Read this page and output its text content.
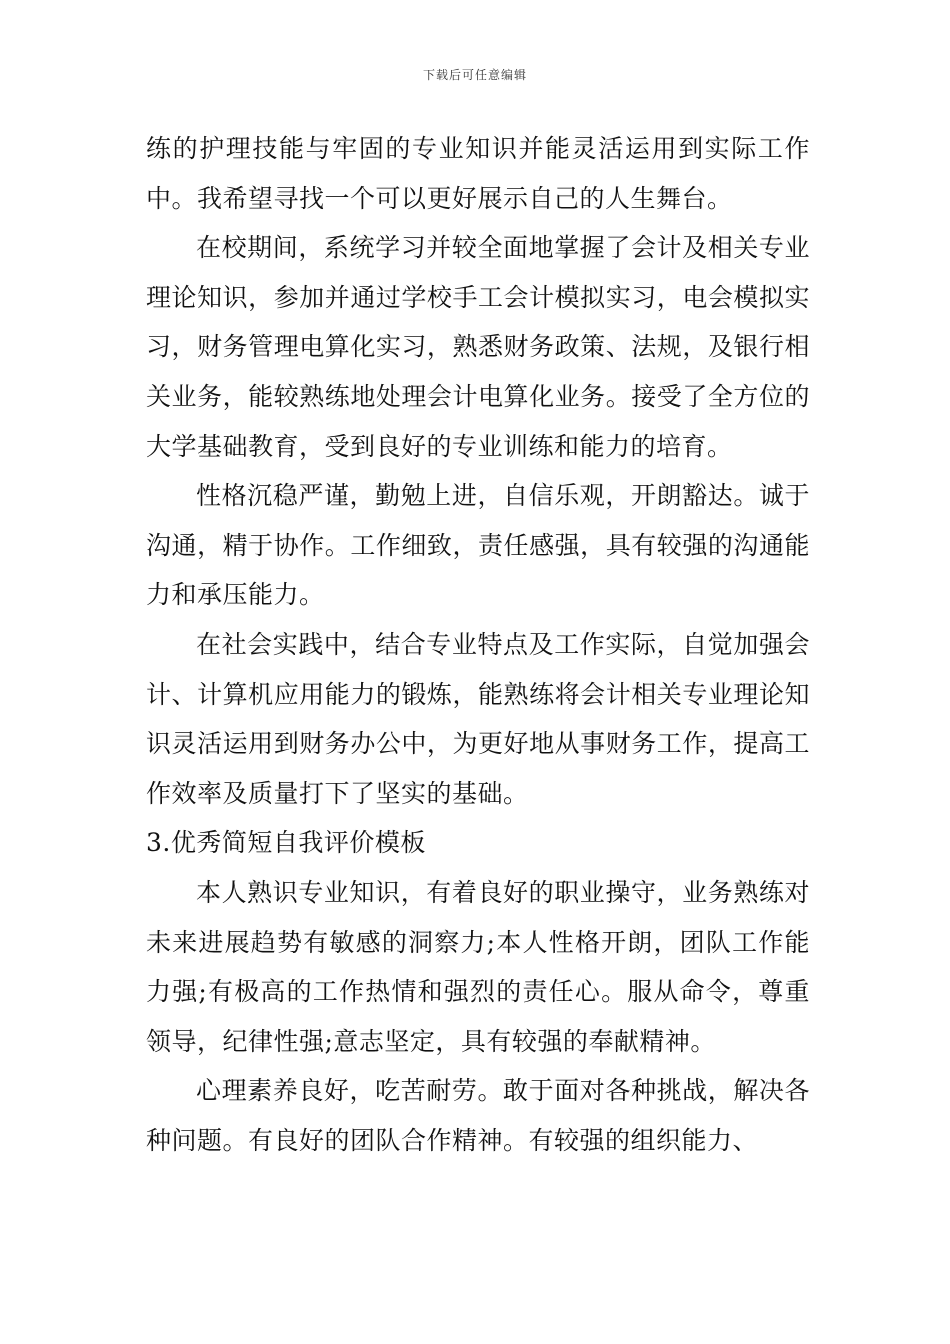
下载后可任意编辑

练的护理技能与牢固的专业知识并能灵活运用到实际工作中。我希望寻找一个可以更好展示自己的人生舞台。

在校期间，系统学习并较全面地掌握了会计及相关专业理论知识，参加并通过学校手工会计模拟实习，电会模拟实习，财务管理电算化实习，熟悉财务政策、法规，及银行相关业务，能较熟练地处理会计电算化业务。接受了全方位的大学基础教育，受到良好的专业训练和能力的培育。

性格沉稳严谨，勤勉上进，自信乐观，开朗豁达。诚于沟通，精于协作。工作细致，责任感强，具有较强的沟通能力和承压能力。

在社会实践中，结合专业特点及工作实际，自觉加强会计、计算机应用能力的锻炼，能熟练将会计相关专业理论知识灵活运用到财务办公中，为更好地从事财务工作，提高工作效率及质量打下了坚实的基础。

3.优秀简短自我评价模板

本人熟识专业知识，有着良好的职业操守，业务熟练对未来进展趋势有敏感的洞察力;本人性格开朗，团队工作能力强;有极高的工作热情和强烈的责任心。服从命令，尊重领导，纪律性强;意志坚定，具有较强的奉献精神。

心理素养良好，吃苦耐劳。敢于面对各种挑战，解决各种问题。有良好的团队合作精神。有较强的组织能力、
